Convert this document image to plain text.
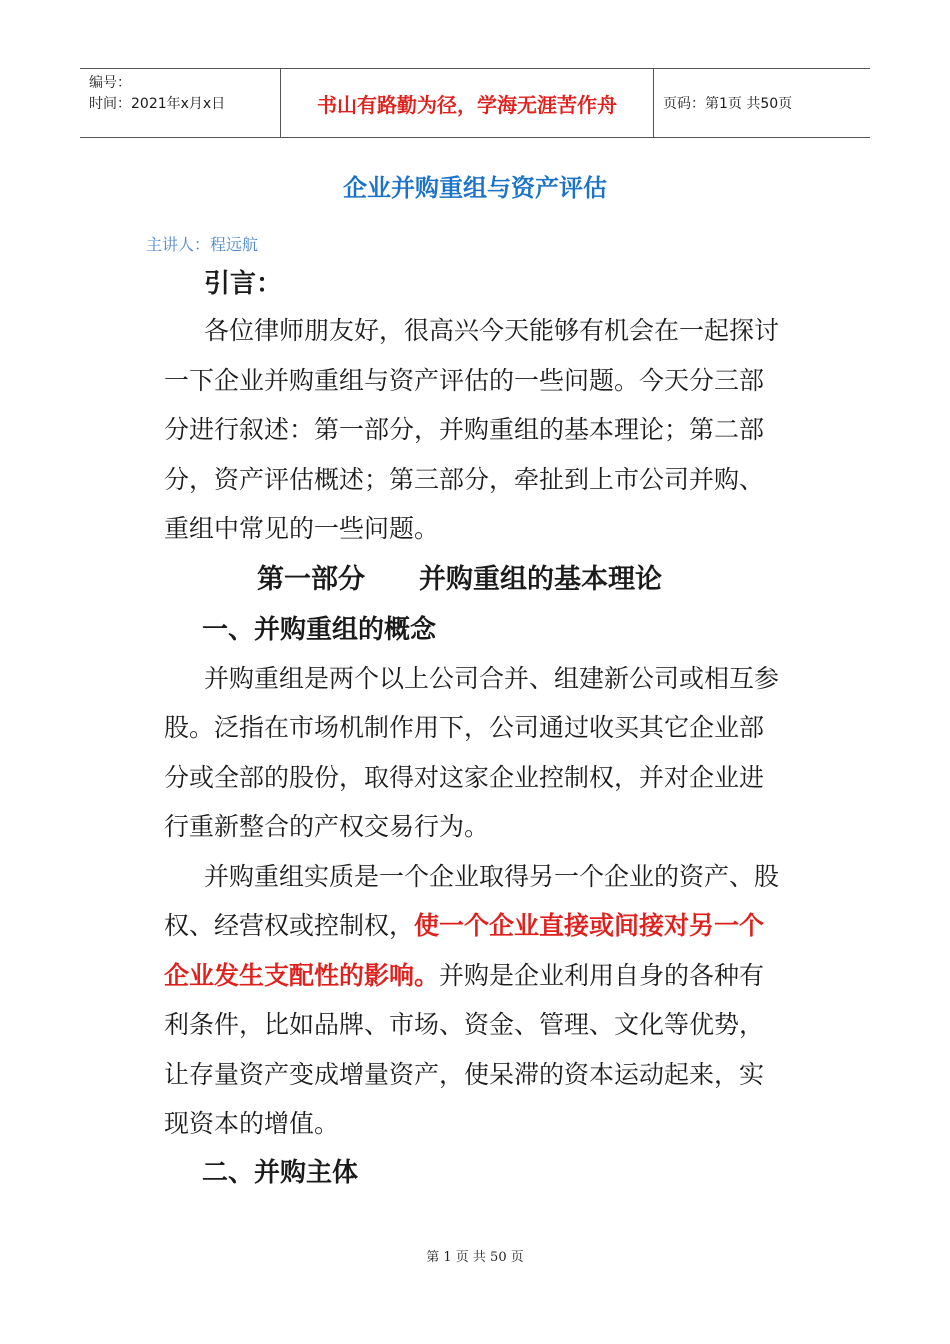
编号：
时间：2021年x月x日	书山有路勤为径，学海无涯苦作舟	页码：第1页 共50页
企业并购重组与资产评估
主讲人：程远航
引言：

各位律师朋友好，很高兴今天能够有机会在一起探讨一下企业并购重组与资产评估的一些问题。今天分三部分进行叙述：第一部分，并购重组的基本理论；第二部分，资产评估概述；第三部分，牵扯到上市公司并购、重组中常见的一些问题。

第一部分　　并购重组的基本理论
一、并购重组的概念

并购重组是两个以上公司合并、组建新公司或相互参股。泛指在市场机制作用下，公司通过收买其它企业部分或全部的股份，取得对这家企业控制权，并对企业进行重新整合的产权交易行为。

并购重组实质是一个企业取得另一个企业的资产、股权、经营权或控制权，使一个企业直接或间接对另一个企业发生支配性的影响。并购是企业利用自身的各种有利条件，比如品牌、市场、资金、管理、文化等优势，让存量资产变成增量资产，使呆滞的资本运动起来，实现资本的增值。

二、并购主体
第 1 页 共 50 页
